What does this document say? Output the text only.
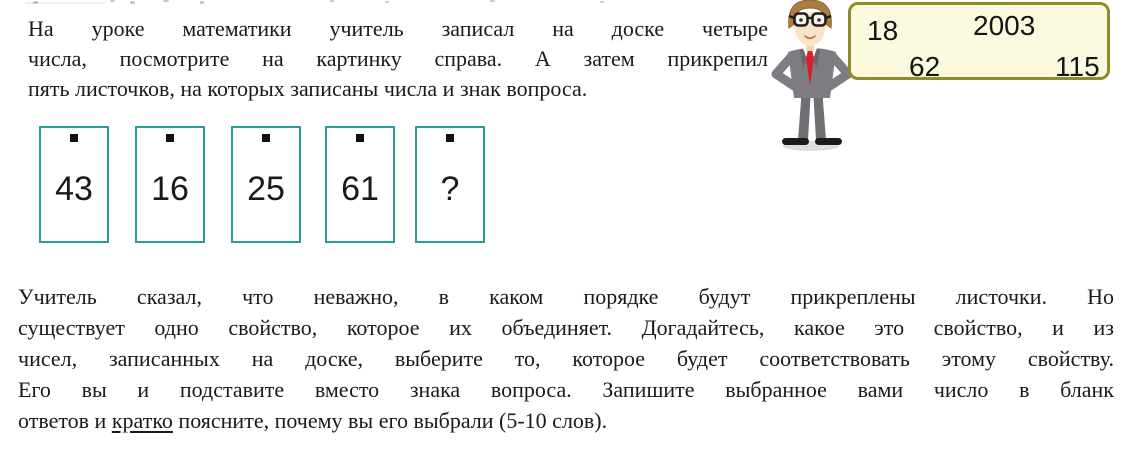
На уроке математики учитель записал на доске четыре
числа, посмотрите на картинку справа. А затем прикрепил
пять листочков, на которых записаны числа и знак вопроса.
18	2003
62	115
43 16 25 61 ?
Учитель сказал, что неважно, в каком порядке будут прикреплены листочки. Но
существует одно свойство, которое их объединяет. Догадайтесь, какое это свойство, и из
чисел, записанных на доске, выберите то, которое будет соответствовать этому свойству.
Его вы и подставите вместо знака вопроса. Запишите выбранное вами число в бланк
ответов и кратко поясните, почему вы его выбрали (5-10 слов).
